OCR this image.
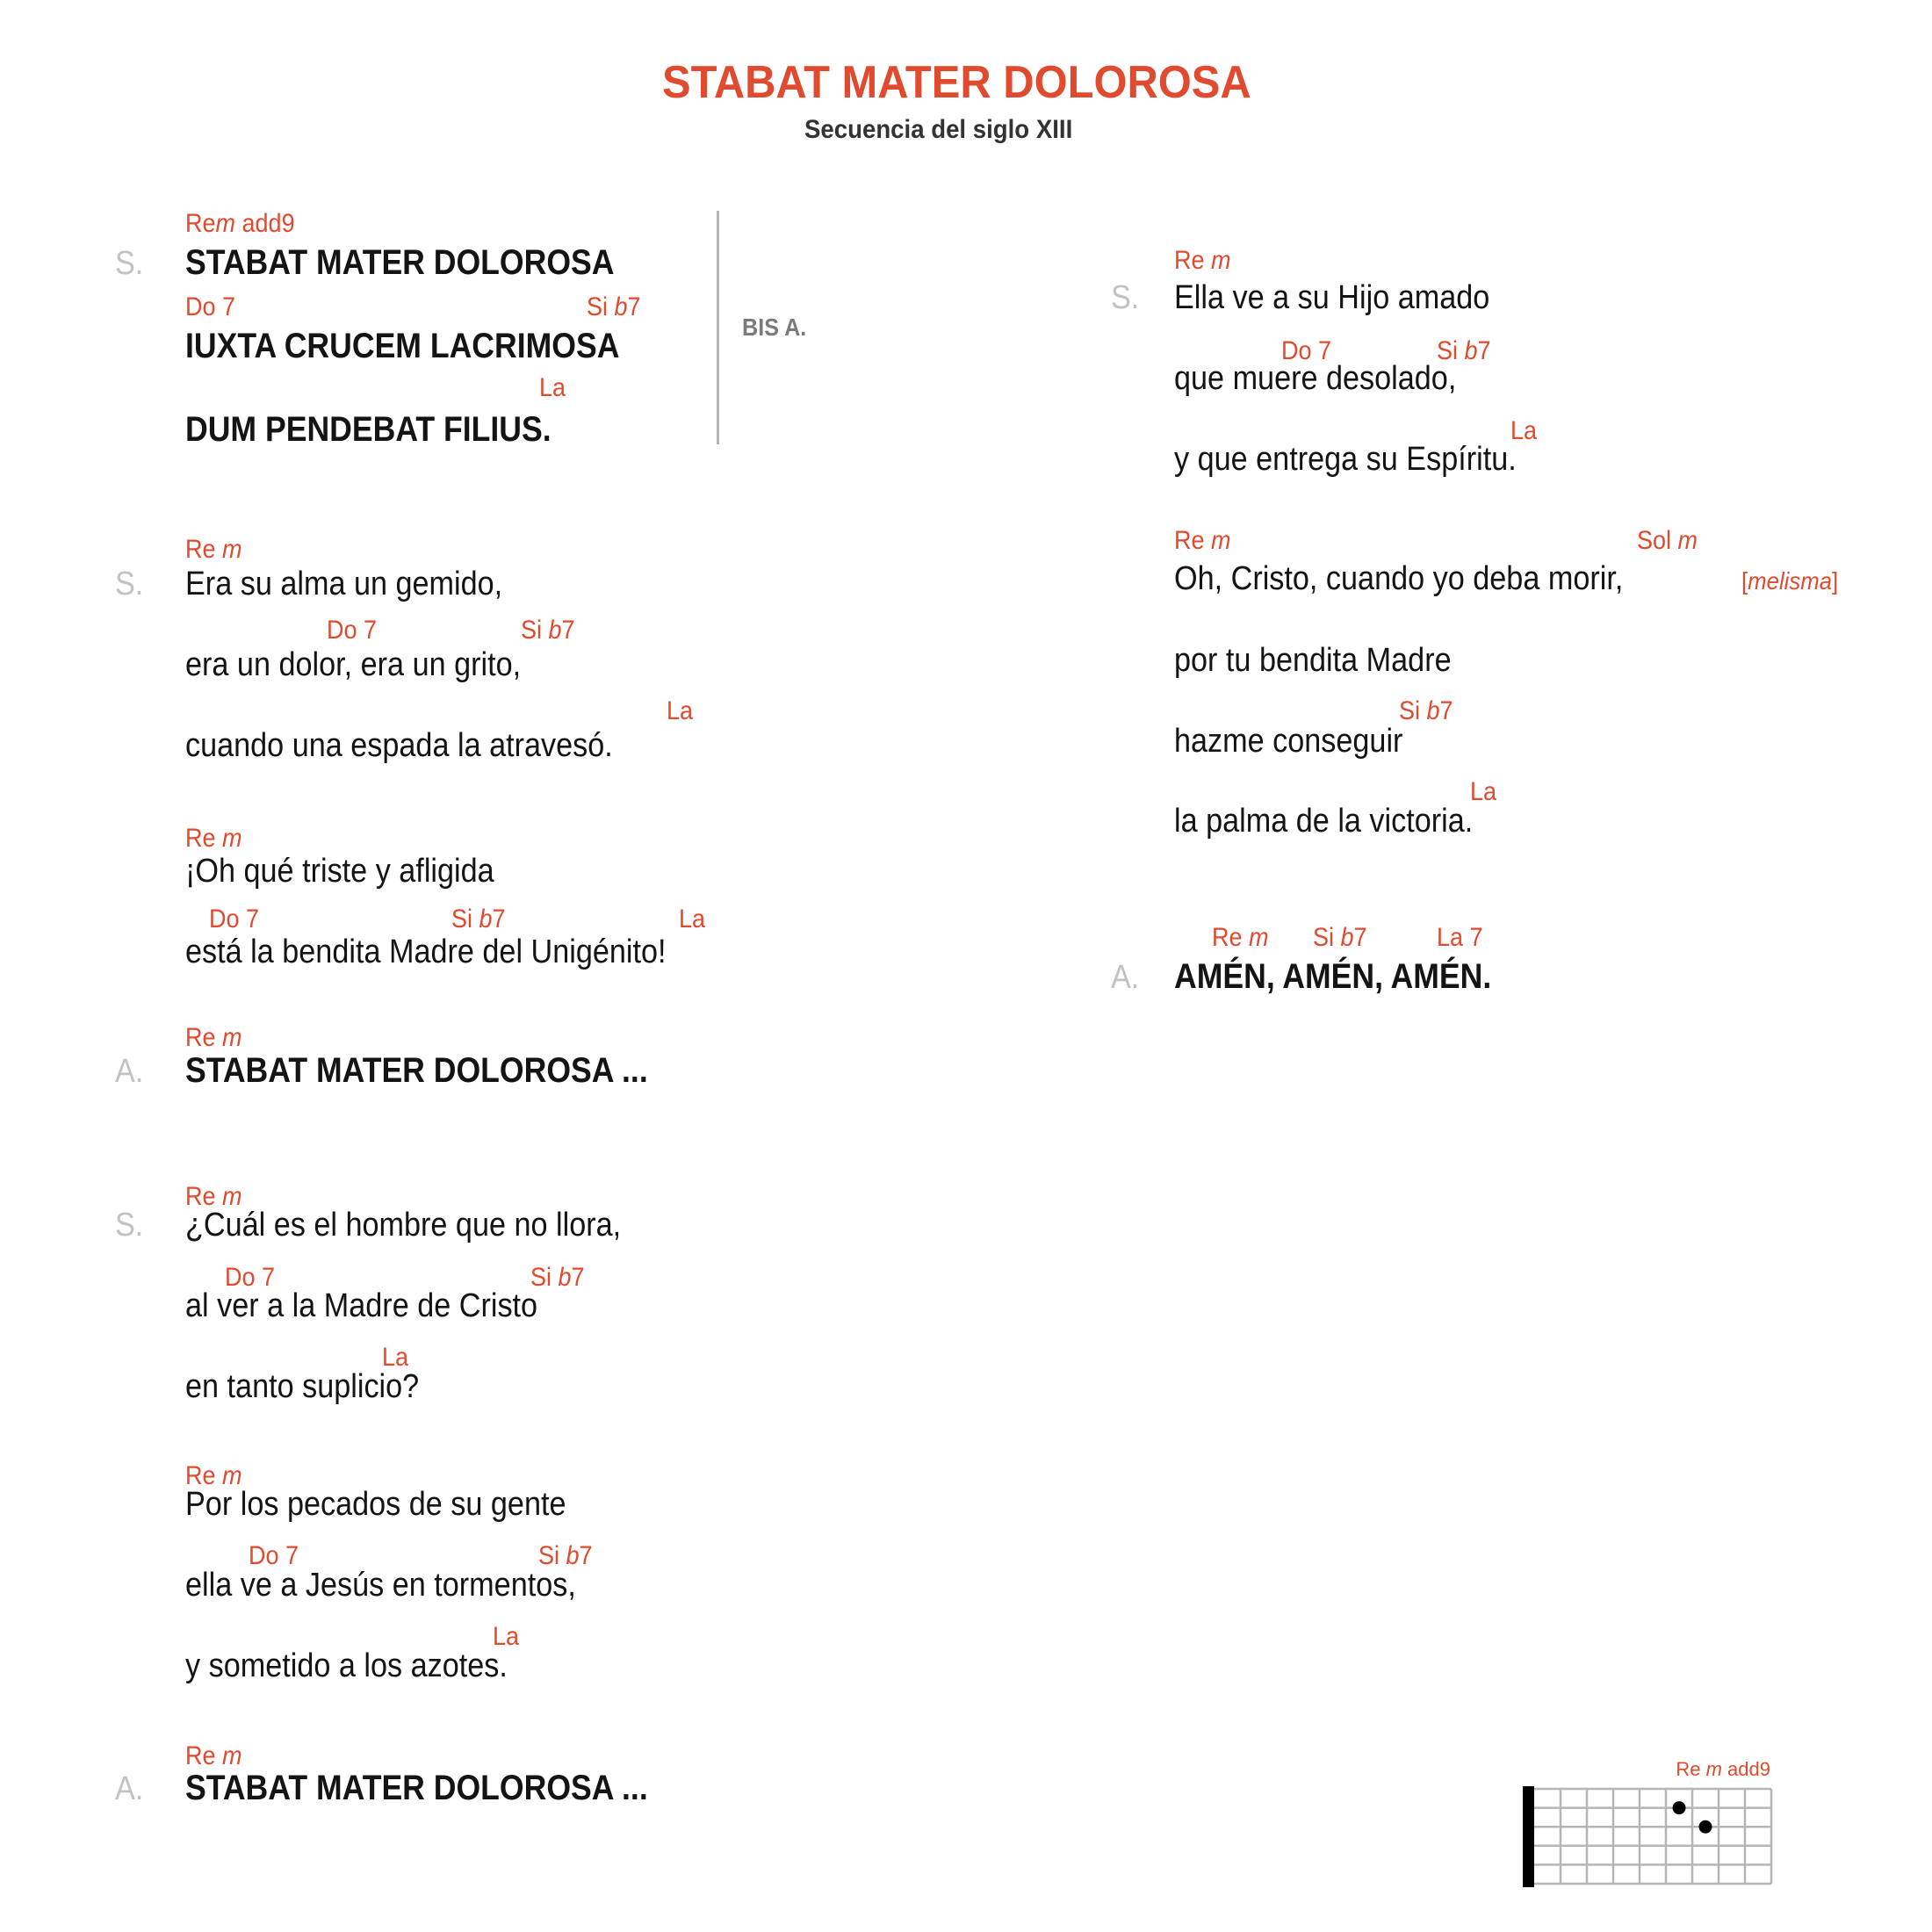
STABAT MATER DOLOROSA
Secuencia del siglo XIII
BIS A.
S.
Rem add9
STABAT MATER DOLOROSA
Do 7	Si b7
IUXTA CRUCEM LACRIMOSA
La
DUM PENDEBAT FILIUS.
S.
Re m
Era su alma un gemido,
Do 7	Si b7
era un dolor, era un grito,
La
cuando una espada la atravesó.
Re m
¡Oh qué triste y afligida
Do 7	Si b7	La
está la bendita Madre del Unigénito!
A.
Re m
STABAT MATER DOLOROSA ...
S.
Re m
¿Cuál es el hombre que no llora,
Do 7	Si b7
al ver a la Madre de Cristo
La
en tanto suplicio?
Re m
Por los pecados de su gente
Do 7	Si b7
ella ve a Jesús en tormentos,
La
y sometido a los azotes.
A.
Re m
STABAT MATER DOLOROSA ...
S.
Re m
Ella ve a su Hijo amado
Do 7	Si b7
que muere desolado,
La
y que entrega su Espíritu.
Re m	Sol m
Oh, Cristo, cuando yo deba morir,	[melisma]
por tu bendita Madre
Si b7
hazme conseguir
La
la palma de la victoria.
A.
Re m Si b7	La 7
AMÉN, AMÉN, AMÉN.
Re m add9
